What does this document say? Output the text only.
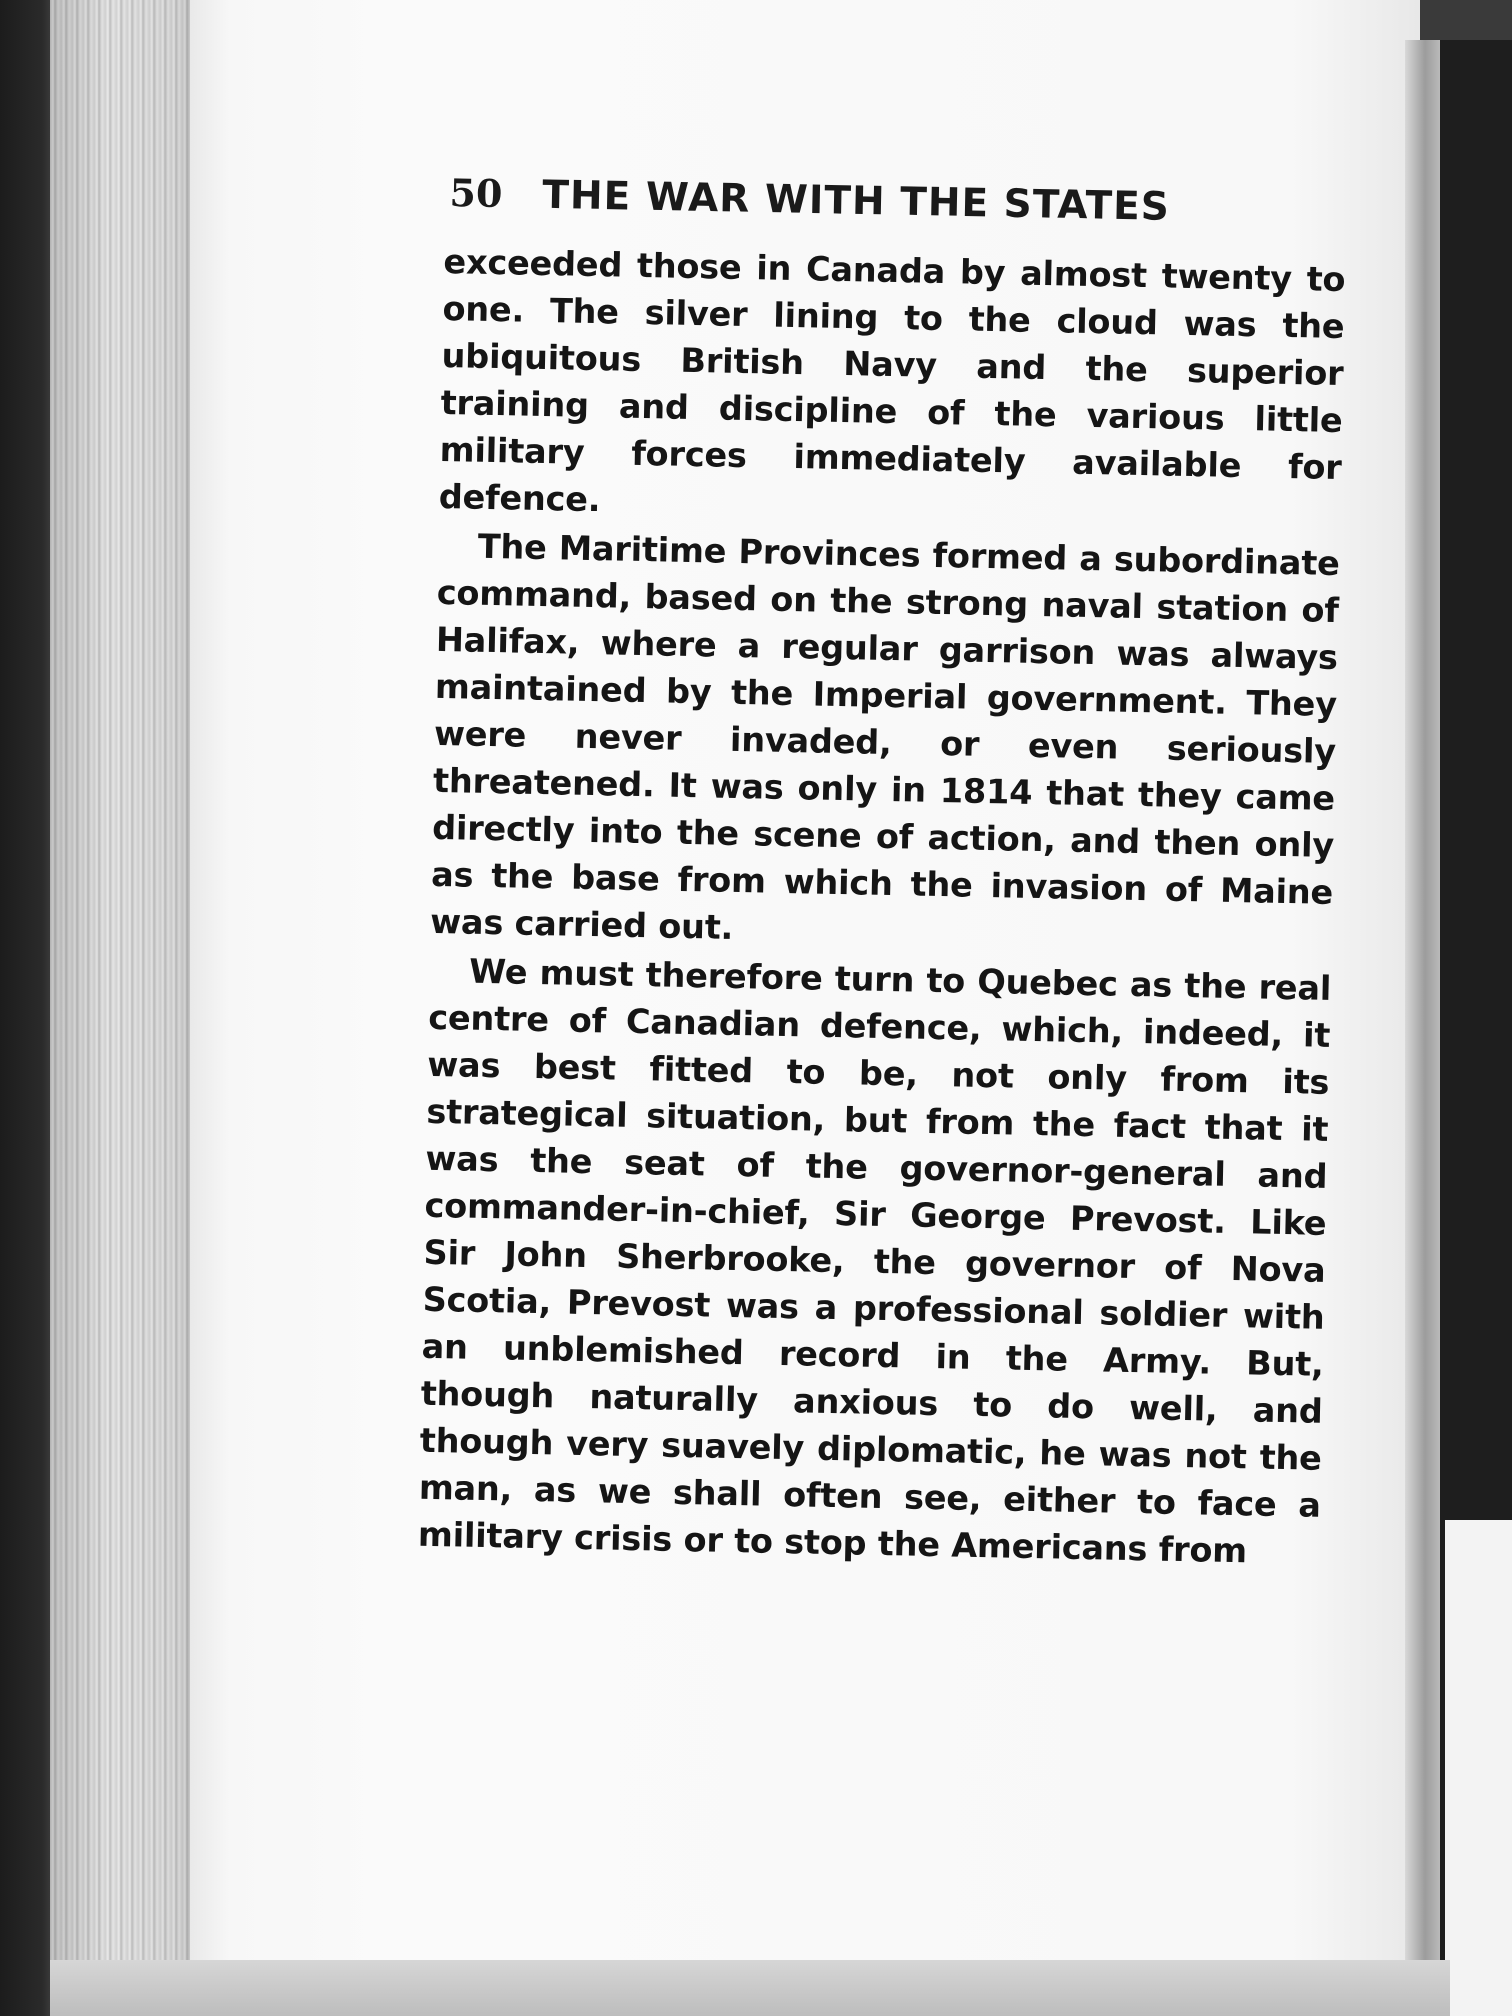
50 THE WAR WITH THE STATES

exceeded those in Canada by almost twenty to one. The silver lining to the cloud was the ubiquitous British Navy and the superior training and discipline of the various little military forces immediately available for defence.

The Maritime Provinces formed a subordinate command, based on the strong naval station of Halifax, where a regular garrison was always maintained by the Imperial government. They were never invaded, or even seriously threatened. It was only in 1814 that they came directly into the scene of action, and then only as the base from which the invasion of Maine was carried out.

We must therefore turn to Quebec as the real centre of Canadian defence, which, indeed, it was best fitted to be, not only from its strategical situation, but from the fact that it was the seat of the governor-general and commander-in-chief, Sir George Prevost. Like Sir John Sherbrooke, the governor of Nova Scotia, Prevost was a professional soldier with an unblemished record in the Army. But, though naturally anxious to do well, and though very suavely diplomatic, he was not the man, as we shall often see, either to face a military crisis or to stop the Americans from
